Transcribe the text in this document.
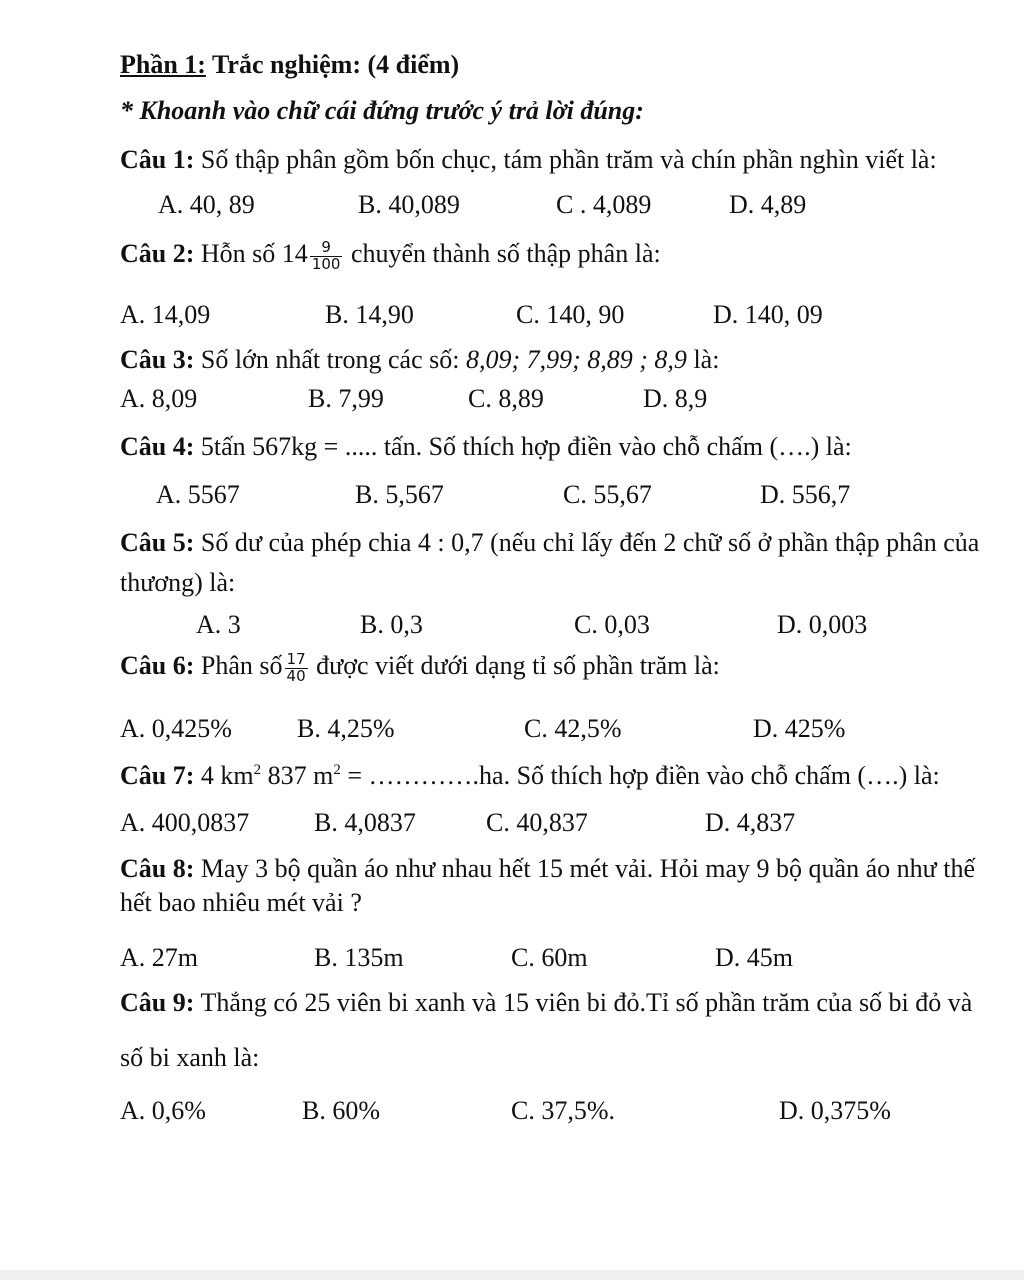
Phần 1: Trắc nghiệm: (4 điểm)
* Khoanh vào chữ cái đứng trước ý trả lời đúng:
Câu 1: Số thập phân gồm bốn chục, tám phần trăm và chín phần nghìn viết là:
A. 40, 89	B. 40,089	C . 4,089	D. 4,89
Câu 2: Hỗn số $14 \frac{9}{100}$ chuyển thành số thập phân là:
A. 14,09	B. 14,90	C. 140, 90	D. 140, 09
Câu 3: Số lớn nhất trong các số: 8,09; 7,99; 8,89 ; 8,9 là:
A. 8,09	B. 7,99	C. 8,89	D. 8,9
Câu 4: 5tấn 567kg = ..... tấn. Số thích hợp điền vào chỗ chấm (….) là:
A. 5567	B. 5,567	C. 55,67	D. 556,7
Câu 5: Số dư của phép chia 4 : 0,7 (nếu chỉ lấy đến 2 chữ số ở phần thập phân của
thương) là:
A. 3	B. 0,3	C. 0,03	D. 0,003
Câu 6: Phân số $\frac{17}{40}$ được viết dưới dạng tỉ số phần trăm là:
A. 0,425%	B. 4,25%	C. 42,5%	D. 425%
Câu 7: 4 $km^2$ 837 $m^2$ = ………….ha. Số thích hợp điền vào chỗ chấm (….) là:
A. 400,0837 B. 4,0837	C. 40,837	D. 4,837
Câu 8: May 3 bộ quần áo như nhau hết 15 mét vải. Hỏi may 9 bộ quần áo như thế
hết bao nhiêu mét vải ?
A. 27m	B. 135m	C. 60m	D. 45m
Câu 9: Thắng có 25 viên bi xanh và 15 viên bi đỏ.Tỉ số phần trăm của số bi đỏ và
số bi xanh là:
A. 0,6%	B. 60%	C. 37,5%.	D. 0,375%
